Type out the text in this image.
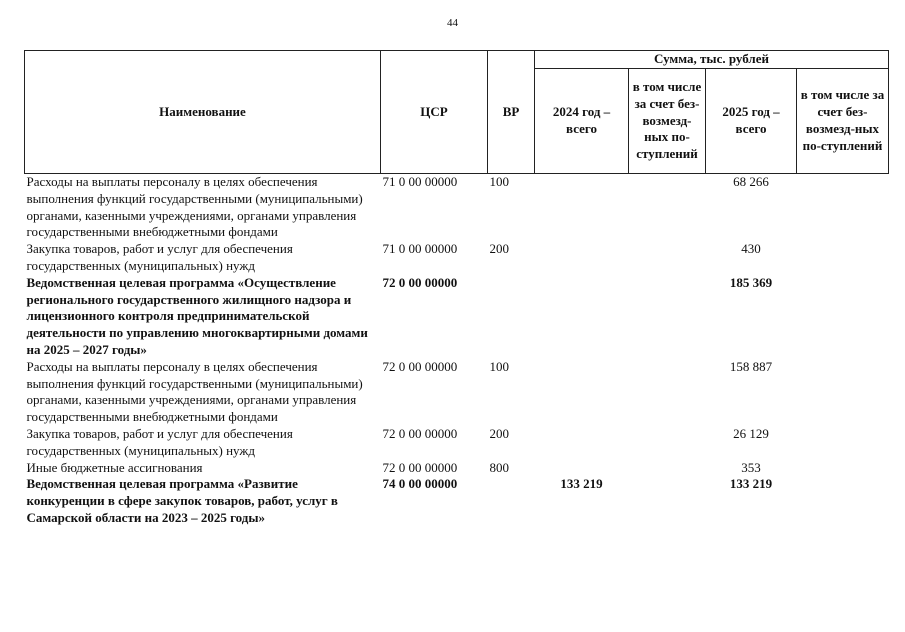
44
Наименование	ЦСР	ВР	Сумма, тыс. рублей			
			2024 год – всего	в том числе за счет без-возмезд-ных по-ступлений	2025 год – всего	в том числе за счет без-возмезд-ных по-ступлений
Расходы на выплаты персоналу в целях обеспечения выполнения функций государственными (муниципальными) органами, казенными учреждениями, органами управления государственными внебюджетными фондами	71 0 00 00000	100			68 266	
Закупка товаров, работ и услуг для обеспечения государственных (муниципальных) нужд	71 0 00 00000	200			430	
Ведомственная целевая программа «Осуществление регионального государственного жилищного надзора и лицензионного контроля предпринимательской деятельности по управлению многоквартирными домами на 2025 – 2027 годы»	72 0 00 00000				185 369	
Расходы на выплаты персоналу в целях обеспечения выполнения функций государственными (муниципальными) органами, казенными учреждениями, органами управления государственными внебюджетными фондами	72 0 00 00000	100			158 887	
Закупка товаров, работ и услуг для обеспечения государственных (муниципальных) нужд	72 0 00 00000	200			26 129	
Иные бюджетные ассигнования	72 0 00 00000	800			353	
Ведомственная целевая программа «Развитие конкуренции в сфере закупок товаров, работ, услуг в Самарской области на 2023 – 2025 годы»	74 0 00 00000		133 219		133 219	
